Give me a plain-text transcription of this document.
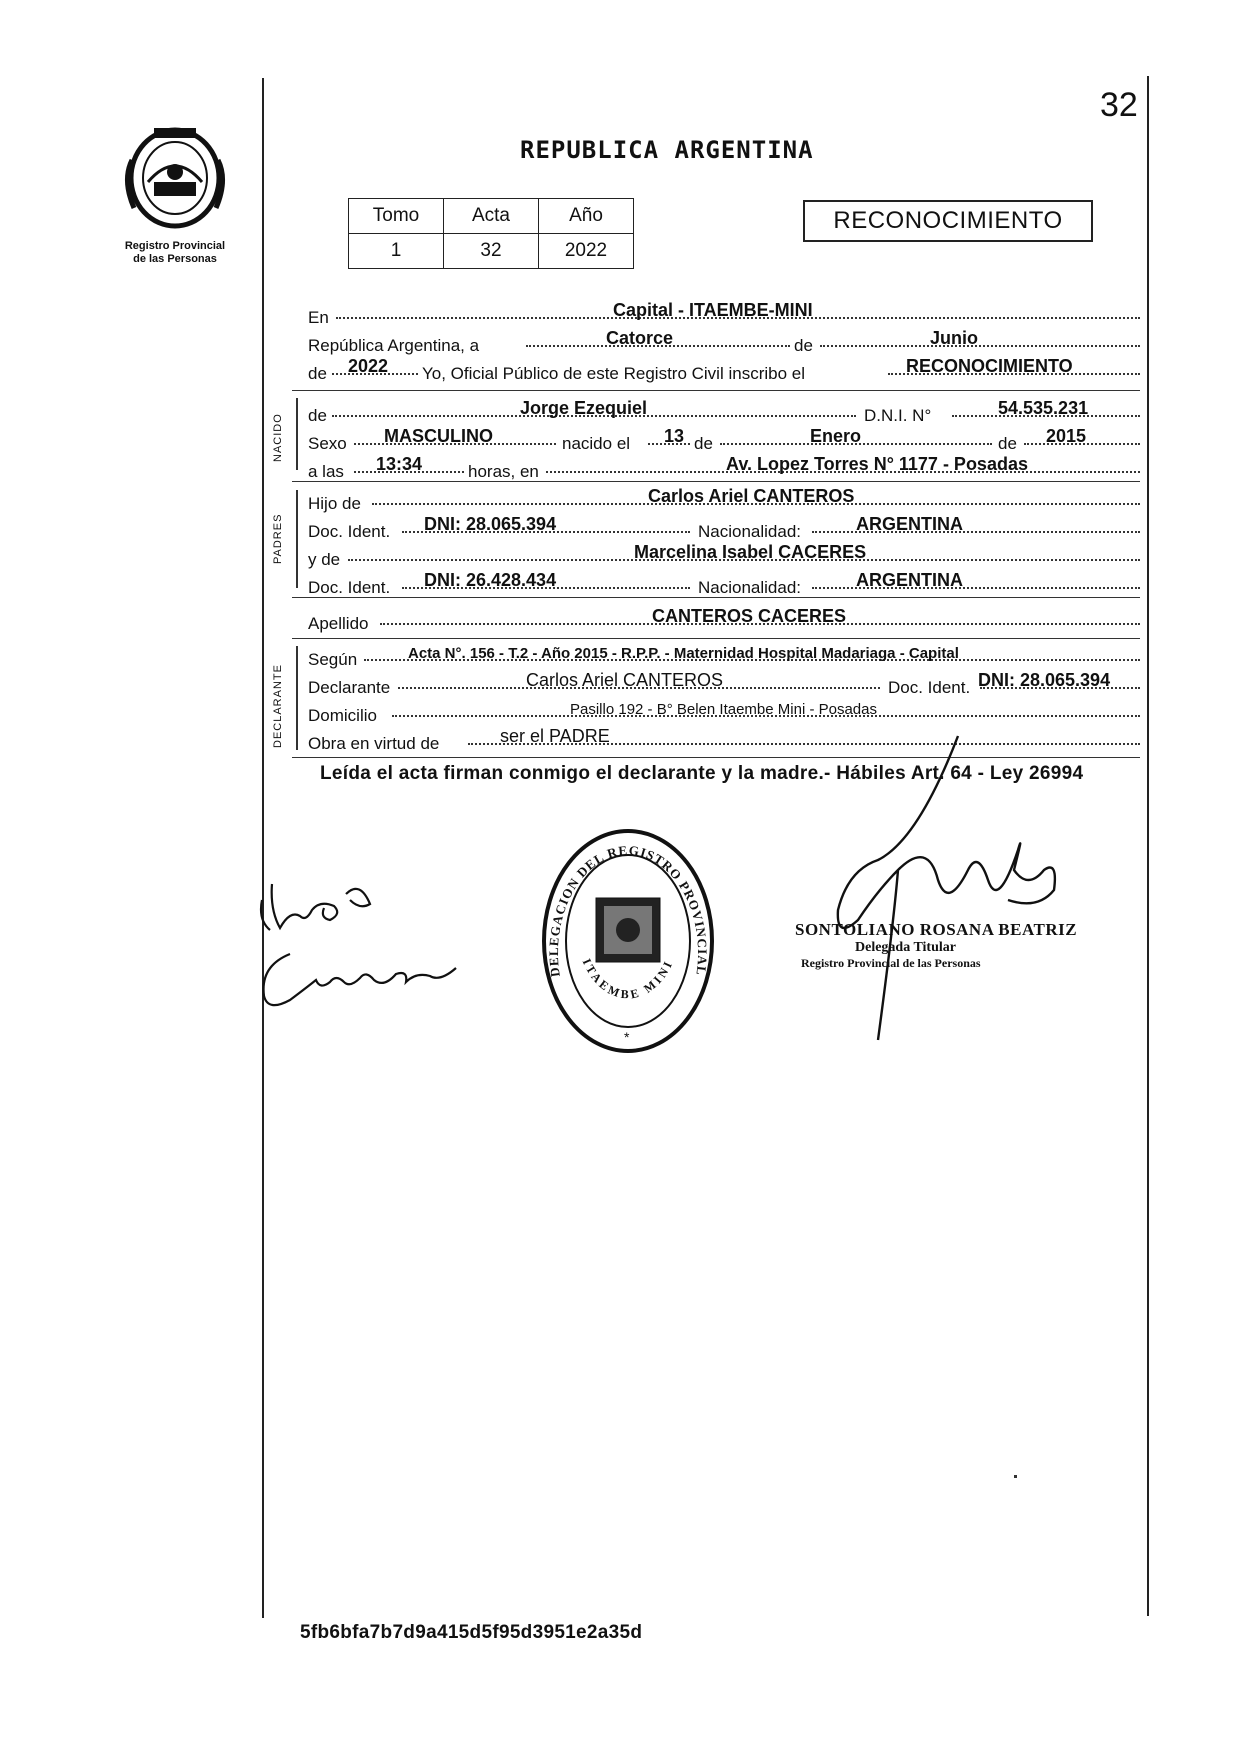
Registro Provincial
de las Personas
32
REPUBLICA ARGENTINA
Tomo	Acta	Año
1	32	2022
RECONOCIMIENTO
En	Capital - ITAEMBE-MINI
República Argentina, a	Catorce	de	Junio
de 2022 Yo, Oficial Público de este Registro Civil inscribo el	RECONOCIMIENTO
NACIDO de	Jorge Ezequiel	D.N.I. N°	54.535.231
Sexo MASCULINO	nacido el 13 de	Enero	de 2015
a las 13:34	horas, en	Av. Lopez Torres N° 1177 - Posadas
PADRES
Hijo de	Carlos Ariel CANTEROS
Doc. Ident. DNI: 28.065.394	Nacionalidad:	ARGENTINA
y de	Marcelina Isabel CACERES
Doc. Ident. DNI: 26.428.434	Nacionalidad:	ARGENTINA
Apellido	CANTEROS CACERES
DECLARANTE
Según	Acta N°. 156 - T.2 - Año 2015 - R.P.P. - Maternidad Hospital Madariaga - Capital
Declarante	Carlos Ariel CANTEROS	Doc. Ident. DNI: 28.065.394
Domicilio	Pasillo 192 - B° Belen Itaembe Mini - Posadas
Obra en virtud de	ser el PADRE
Leída el acta firman conmigo el declarante y la madre.- Hábiles Art. 64 - Ley 26994
DELEGACION DEL REGISTRO PROVINCIAL
ITAEMBE MINI
*
SONTOLIANO ROSANA BEATRIZ
Delegada Titular
Registro Provincial de las Personas
5fb6bfa7b7d9a415d5f95d3951e2a35d
